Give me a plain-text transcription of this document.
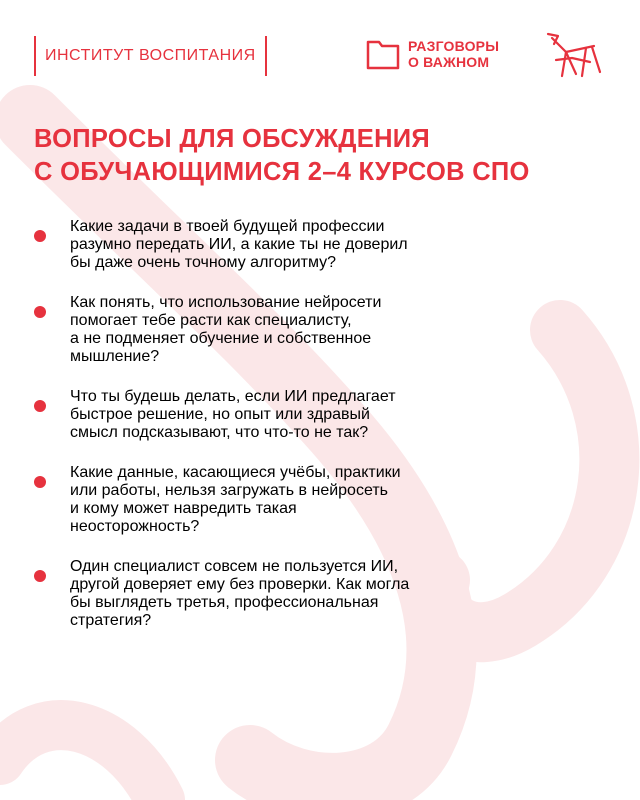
ИНСТИТУТ ВОСПИТАНИЯ
РАЗГОВОРЫ
О ВАЖНОМ
ВОПРОСЫ ДЛЯ ОБСУЖДЕНИЯ
С ОБУЧАЮЩИМИСЯ 2–4 КУРСОВ СПО

Какие задачи в твоей будущей профессии
разумно передать ИИ, а какие ты не доверил
бы даже очень точному алгоритму?

Как понять, что использование нейросети
помогает тебе расти как специалисту,
а не подменяет обучение и собственное
мышление?

Что ты будешь делать, если ИИ предлагает
быстрое решение, но опыт или здравый
смысл подсказывают, что что-то не так?

Какие данные, касающиеся учёбы, практики
или работы, нельзя загружать в нейросеть
и кому может навредить такая
неосторожность?

Один специалист совсем не пользуется ИИ,
другой доверяет ему без проверки. Как могла
бы выглядеть третья, профессиональная
стратегия?
